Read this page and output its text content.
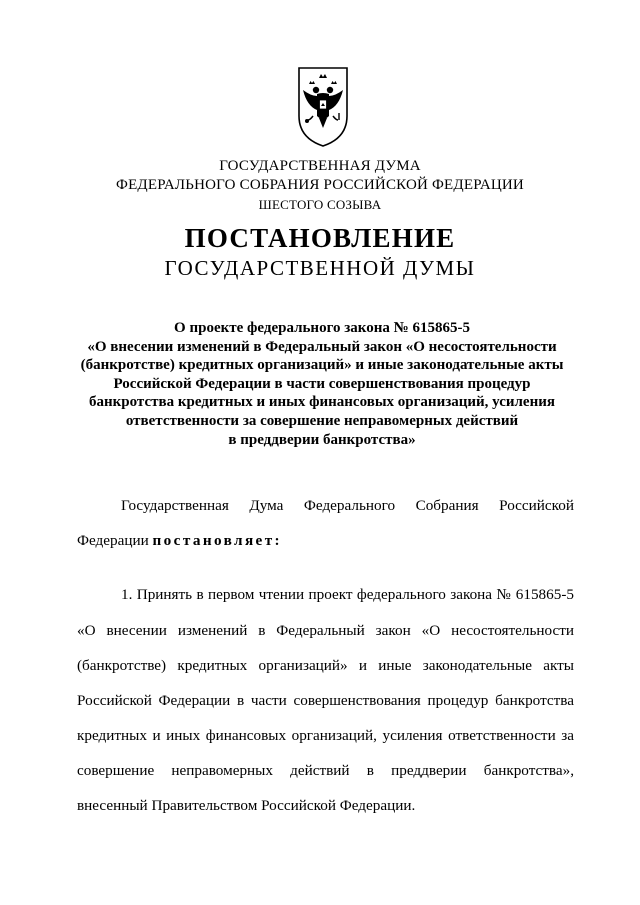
ГОСУДАРСТВЕННАЯ ДУМА
ФЕДЕРАЛЬНОГО СОБРАНИЯ РОССИЙСКОЙ ФЕДЕРАЦИИ
ШЕСТОГО СОЗЫВА
ПОСТАНОВЛЕНИЕ
ГОСУДАРСТВЕННОЙ ДУМЫ
О проекте федерального закона № 615865-5
«О внесении изменений в Федеральный закон «О несостоятельности
(банкротстве) кредитных организаций» и иные законодательные акты
Российской Федерации в части совершенствования процедур
банкротства кредитных и иных финансовых организаций, усиления
ответственности за совершение неправомерных действий
в преддверии банкротства»
Государственная Дума Федерального Собрания Российской
Федерации постановляет:
1. Принять в первом чтении проект федерального закона № 615865-5
«О внесении изменений в Федеральный закон «О несостоятельности
(банкротстве) кредитных организаций» и иные законодательные акты
Российской Федерации в части совершенствования процедур банкротства
кредитных и иных финансовых организаций, усиления ответственности за
совершение неправомерных действий в преддверии банкротства»,
внесенный Правительством Российской Федерации.
